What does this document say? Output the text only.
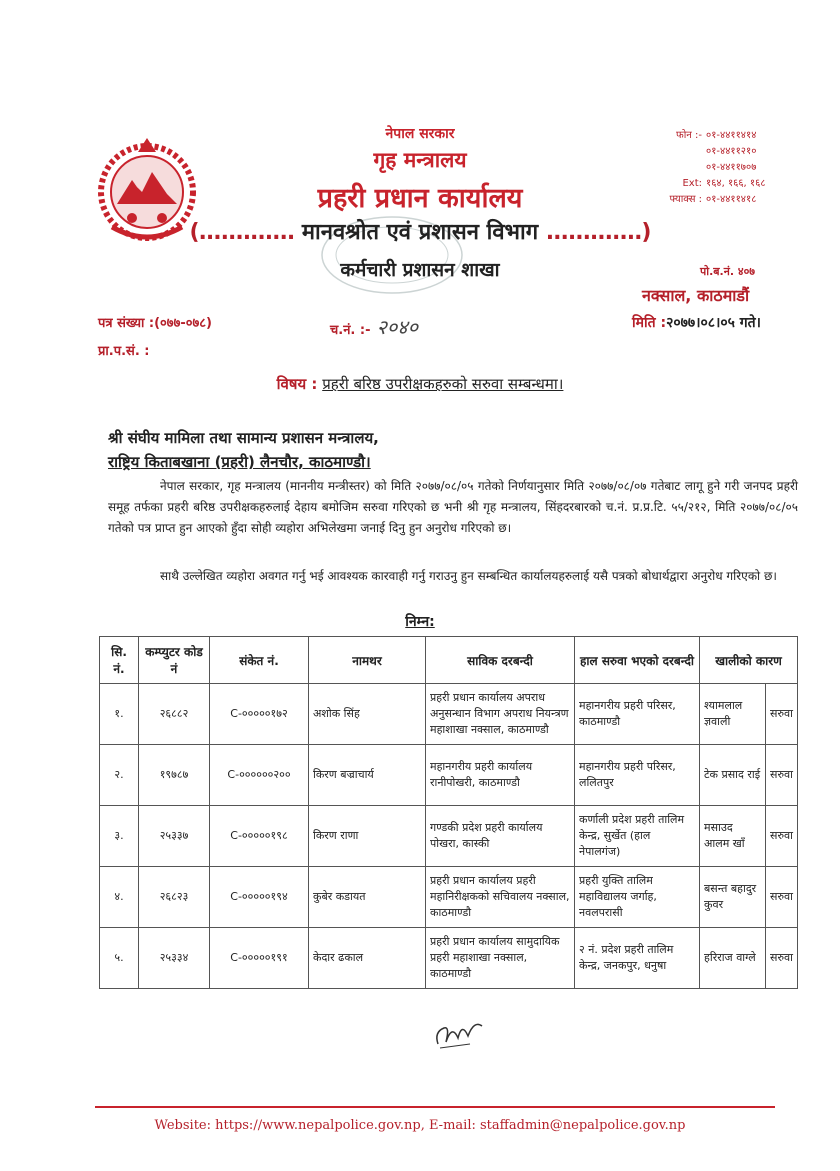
नेपाल सरकार
गृह मन्त्रालय
प्रहरी प्रधान कार्यालय
(............. मानवश्रोत एवं प्रशासन विभाग .............)
कर्मचारी प्रशासन शाखा
फोन :- ०१-४४११४१४
०१-४४११२१०
०१-४४११७०७
Ext: १६४, १६६, १६८
फ्याक्स : ०१-४४११४१८
पो.ब.नं. ४०७
नक्साल, काठमाडौं
पत्र संख्या :(०७७-०७८)	च.नं. :- २०४०	मिति :२०७७।०८।०५ गते।
प्रा.प.सं. :
विषय : प्रहरी बरिष्ठ उपरीक्षकहरुको सरुवा सम्बन्धमा।
श्री संघीय मामिला तथा सामान्य प्रशासन मन्त्रालय,
राष्ट्रिय किताबखाना (प्रहरी) लैनचौर, काठमाण्डौ।
नेपाल सरकार, गृह मन्त्रालय (माननीय मन्त्रीस्तर) को मिति २०७७/०८/०५ गतेको निर्णयानुसार मिति २०७७/०८/०७ गतेबाट लागू हुने गरी जनपद प्रहरी समूह तर्फका प्रहरी बरिष्ठ उपरीक्षकहरुलाई देहाय बमोजिम सरुवा गरिएको छ भनी श्री गृह मन्त्रालय, सिंहदरबारको च.नं. प्र.प्र.टि. ५५/२१२, मिति २०७७/०८/०५ गतेको पत्र प्राप्त हुन आएको हुँदा सोही व्यहोरा अभिलेखमा जनाई दिनु हुन अनुरोध गरिएको छ।
साथै उल्लेखित व्यहोरा अवगत गर्नु भई आवश्यक कारवाही गर्नु गराउनु हुन सम्बन्धित कार्यालयहरुलाई यसै पत्रको बोधार्थद्वारा अनुरोध गरिएको छ।
निम्न:
सि. नं.	कम्प्युटर कोड नं	संकेत नं.	नामथर	साविक दरबन्दी	हाल सरुवा भएको दरबन्दी	खालीको कारण	
१.	२६८८२	C-०००००१७२	अशोक सिंह	प्रहरी प्रधान कार्यालय अपराध अनुसन्धान विभाग अपराध नियन्त्रण महाशाखा नक्साल, काठमाण्डौ	महानगरीय प्रहरी परिसर, काठमाण्डौ	श्यामलाल ज्ञवाली	सरुवा
२.	१९७८७	C-००००००२००	किरण बज्राचार्य	महानगरीय प्रहरी कार्यालय रानीपोखरी, काठमाण्डौ	महानगरीय प्रहरी परिसर, ललितपुर	टेक प्रसाद राई	सरुवा
३.	२५३३७	C-०००००१९८	किरण राणा	गण्डकी प्रदेश प्रहरी कार्यालय पोखरा, कास्की	कर्णाली प्रदेश प्रहरी तालिम केन्द्र, सुर्खेत (हाल नेपालगंज)	मसाउद आलम खाँ	सरुवा
४.	२६८२३	C-०००००१९४	कुबेर कडायत	प्रहरी प्रधान कार्यालय प्रहरी महानिरीक्षकको सचिवालय नक्साल, काठमाण्डौ	प्रहरी युक्ति तालिम महाविद्यालय जर्गाह, नवलपरासी	बसन्त बहादुर कुवर	सरुवा
५.	२५३३४	C-०००००१९१	केदार ढकाल	प्रहरी प्रधान कार्यालय सामुदायिक प्रहरी महाशाखा नक्साल, काठमाण्डौ	२ नं. प्रदेश प्रहरी तालिम केन्द्र, जनकपुर, धनुषा	हरिराज वाग्ले	सरुवा
Website: https://www.nepalpolice.gov.np, E-mail: staffadmin@nepalpolice.gov.np
